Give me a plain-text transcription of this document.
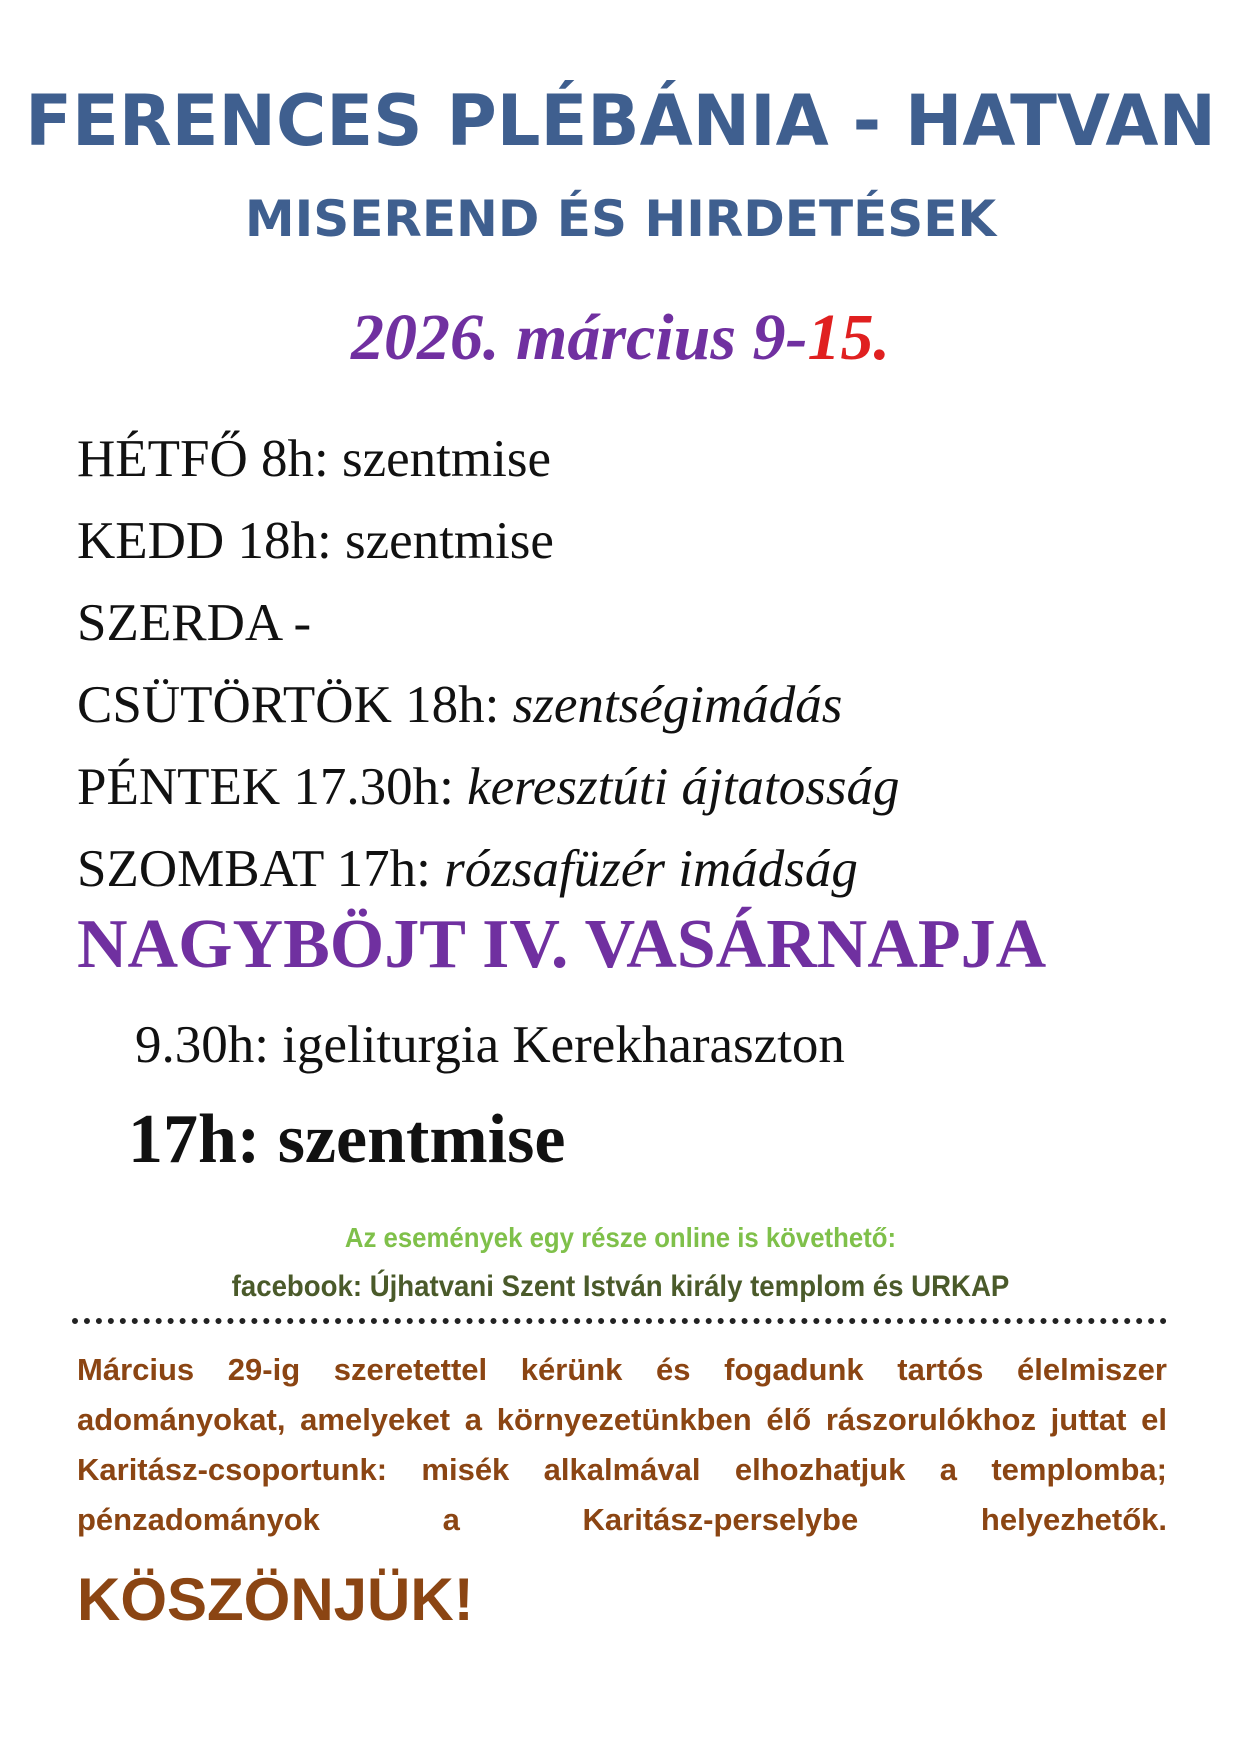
FERENCES PLÉBÁNIA - HATVAN
MISEREND ÉS HIRDETÉSEK

2026. március 9-15.

HÉTFŐ 8h: szentmise
KEDD 18h: szentmise
SZERDA -
CSÜTÖRTÖK 18h: szentségimádás
PÉNTEK 17.30h: keresztúti ájtatosság
SZOMBAT 17h: rózsafüzér imádság
NAGYBÖJT IV. VASÁRNAPJA

9.30h: igeliturgia Kerekharaszton

17h: szentmise

Az események egy része online is követhető:

facebook: Újhatvani Szent István király templom és URKAP

Március 29-ig szeretettel kérünk és fogadunk tartós élelmiszer adományokat, amelyeket a környezetünkben élő rászorulókhoz juttat el Karitász-csoportunk: misék alkalmával elhozhatjuk a templomba; pénzadományok a Karitász-perselybe helyezhetők.

KÖSZÖNJÜK!
